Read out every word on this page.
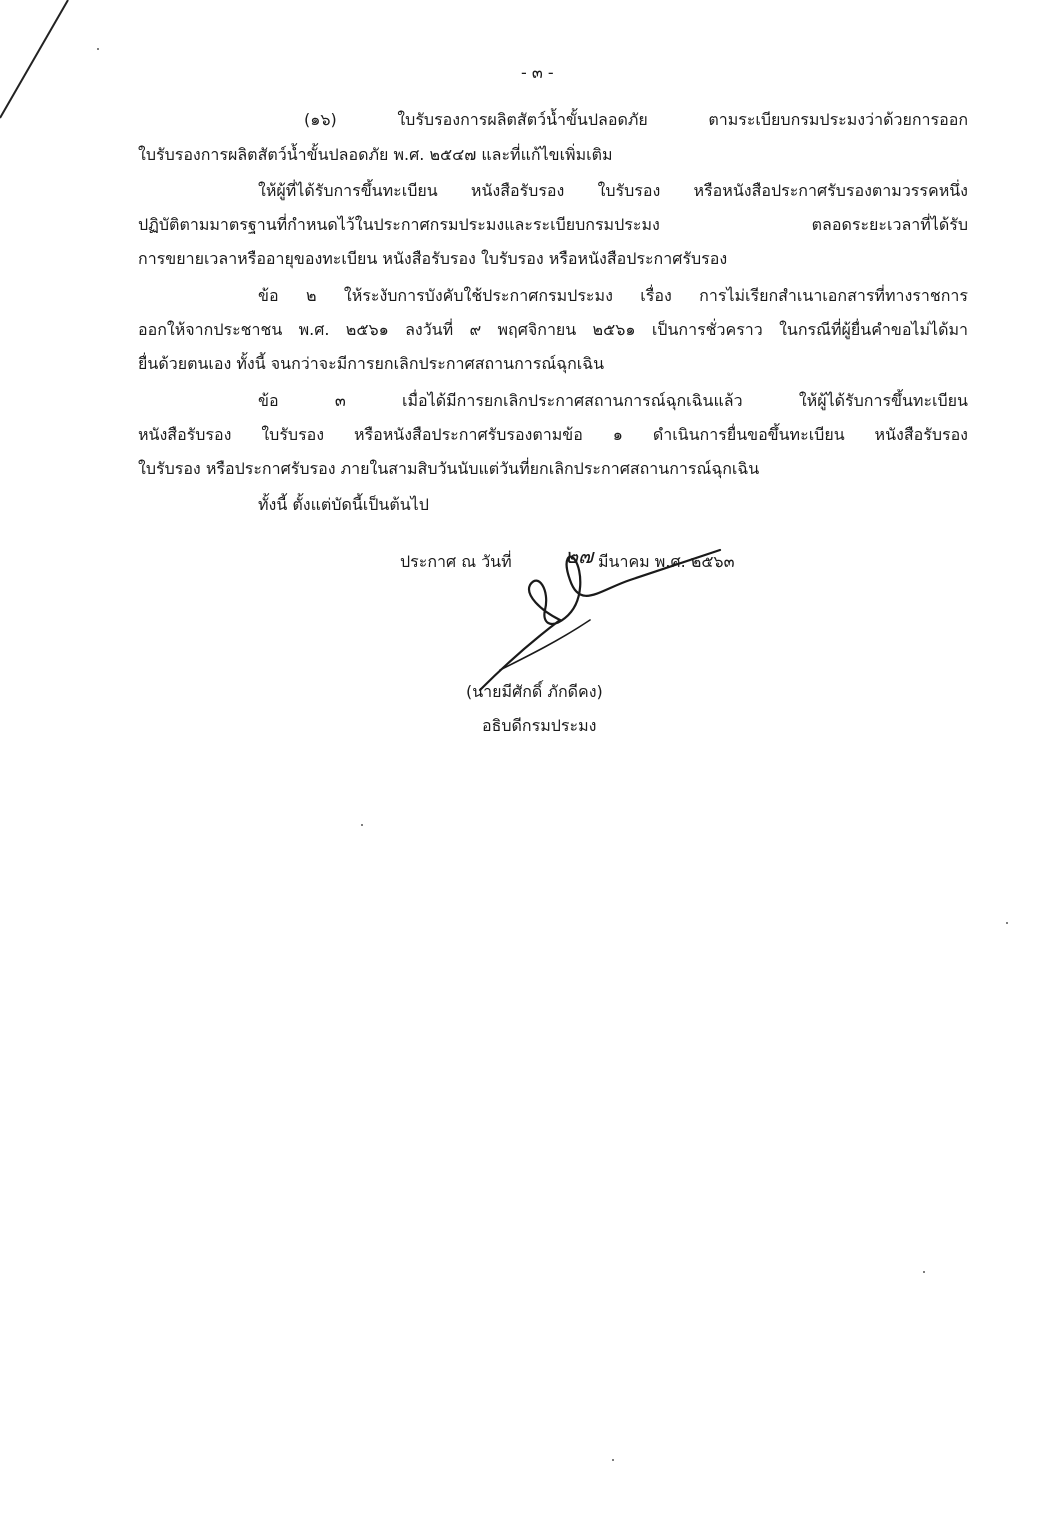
- ๓ -
(๑๖) ใบรับรองการผลิตสัตว์น้ำขั้นปลอดภัย ตามระเบียบกรมประมงว่าด้วยการออก
ใบรับรองการผลิตสัตว์น้ำขั้นปลอดภัย พ.ศ. ๒๕๔๗ และที่แก้ไขเพิ่มเติม
ให้ผู้ที่ได้รับการขึ้นทะเบียน หนังสือรับรอง ใบรับรอง หรือหนังสือประกาศรับรองตามวรรคหนึ่ง
ปฏิบัติตามมาตรฐานที่กำหนดไว้ในประกาศกรมประมงและระเบียบกรมประมง ตลอดระยะเวลาที่ได้รับ
การขยายเวลาหรืออายุของทะเบียน หนังสือรับรอง ใบรับรอง หรือหนังสือประกาศรับรอง
ข้อ ๒ ให้ระงับการบังคับใช้ประกาศกรมประมง เรื่อง การไม่เรียกสำเนาเอกสารที่ทางราชการ
ออกให้จากประชาชน พ.ศ. ๒๕๖๑ ลงวันที่ ๙ พฤศจิกายน ๒๕๖๑ เป็นการชั่วคราว ในกรณีที่ผู้ยื่นคำขอไม่ได้มา
ยื่นด้วยตนเอง ทั้งนี้ จนกว่าจะมีการยกเลิกประกาศสถานการณ์ฉุกเฉิน
ข้อ ๓ เมื่อได้มีการยกเลิกประกาศสถานการณ์ฉุกเฉินแล้ว ให้ผู้ได้รับการขึ้นทะเบียน
หนังสือรับรอง ใบรับรอง หรือหนังสือประกาศรับรองตามข้อ ๑ ดำเนินการยื่นขอขึ้นทะเบียน หนังสือรับรอง
ใบรับรอง หรือประกาศรับรอง ภายในสามสิบวันนับแต่วันที่ยกเลิกประกาศสถานการณ์ฉุกเฉิน
ทั้งนี้ ตั้งแต่บัดนี้เป็นต้นไป
ประกาศ ณ วันที่	๒๗ มีนาคม พ.ศ. ๒๕๖๓
(นายมีศักดิ์ ภักดีคง)
อธิบดีกรมประมง
